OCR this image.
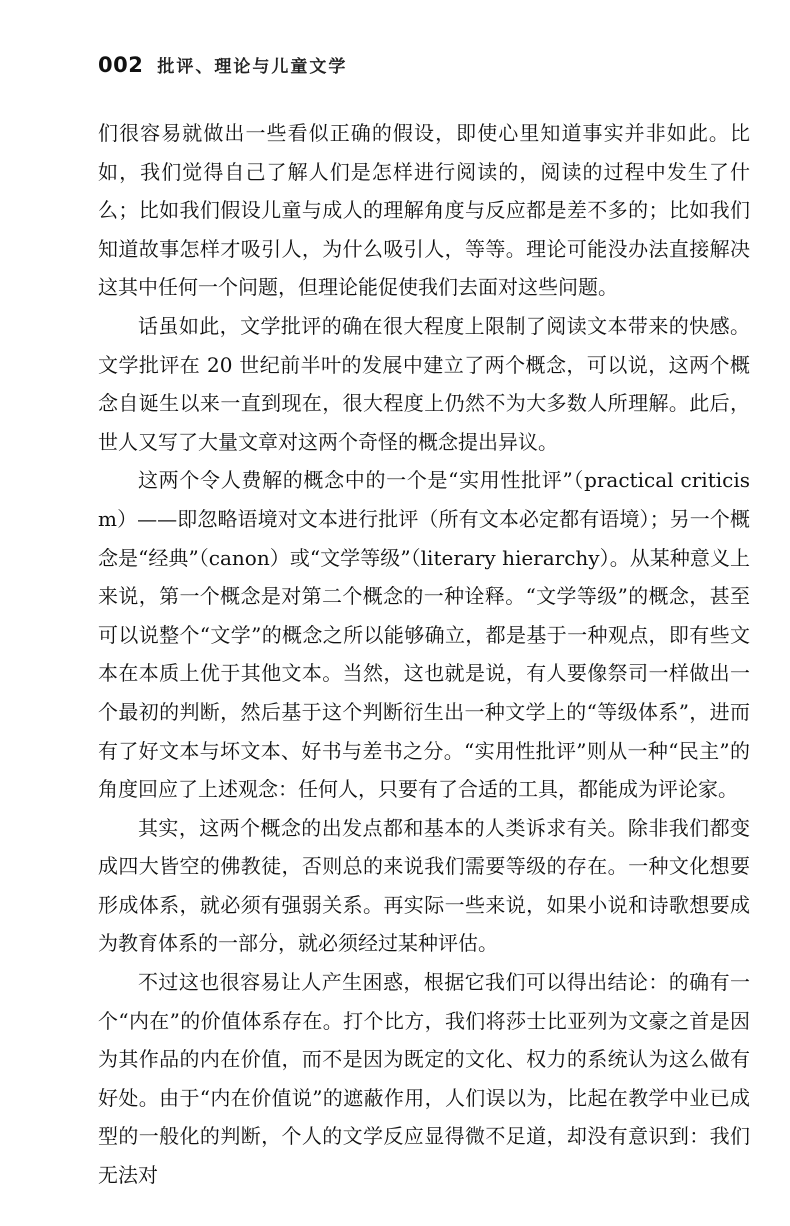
002 批评、理论与儿童文学

们很容易就做出一些看似正确的假设，即使心里知道事实并非如此。比如，我们觉得自己了解人们是怎样进行阅读的，阅读的过程中发生了什么；比如我们假设儿童与成人的理解角度与反应都是差不多的；比如我们知道故事怎样才吸引人，为什么吸引人，等等。理论可能没办法直接解决这其中任何一个问题，但理论能促使我们去面对这些问题。

话虽如此，文学批评的确在很大程度上限制了阅读文本带来的快感。文学批评在 20 世纪前半叶的发展中建立了两个概念，可以说，这两个概念自诞生以来一直到现在，很大程度上仍然不为大多数人所理解。此后，世人又写了大量文章对这两个奇怪的概念提出异议。

这两个令人费解的概念中的一个是“实用性批评”（practical criticism）——即忽略语境对文本进行批评（所有文本必定都有语境）；另一个概念是“经典”（canon）或“文学等级”（literary hierarchy）。从某种意义上来说，第一个概念是对第二个概念的一种诠释。“文学等级”的概念，甚至可以说整个“文学”的概念之所以能够确立，都是基于一种观点，即有些文本在本质上优于其他文本。当然，这也就是说，有人要像祭司一样做出一个最初的判断，然后基于这个判断衍生出一种文学上的“等级体系”，进而有了好文本与坏文本、好书与差书之分。“实用性批评”则从一种“民主”的角度回应了上述观念：任何人，只要有了合适的工具，都能成为评论家。

其实，这两个概念的出发点都和基本的人类诉求有关。除非我们都变成四大皆空的佛教徒，否则总的来说我们需要等级的存在。一种文化想要形成体系，就必须有强弱关系。再实际一些来说，如果小说和诗歌想要成为教育体系的一部分，就必须经过某种评估。

不过这也很容易让人产生困惑，根据它我们可以得出结论：的确有一个“内在”的价值体系存在。打个比方，我们将莎士比亚列为文豪之首是因为其作品的内在价值，而不是因为既定的文化、权力的系统认为这么做有好处。由于“内在价值说”的遮蔽作用，人们误以为，比起在教学中业已成型的一般化的判断，个人的文学反应显得微不足道，却没有意识到：我们无法对
